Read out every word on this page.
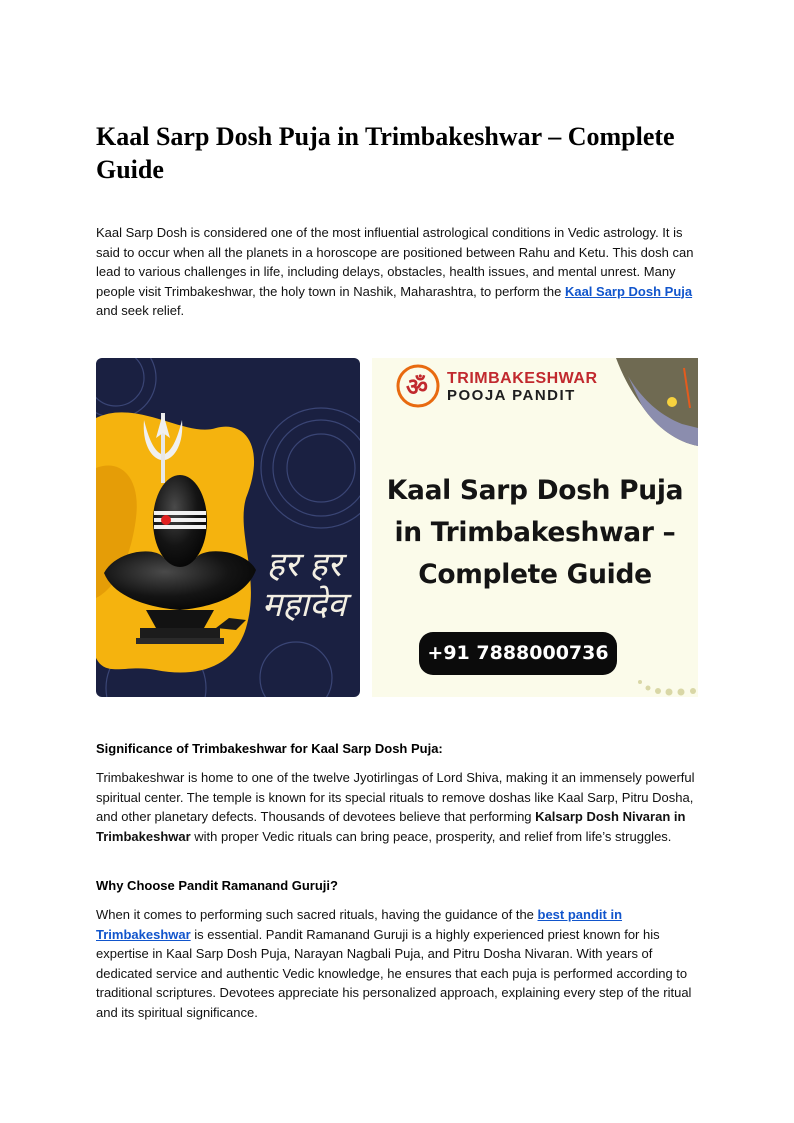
Kaal Sarp Dosh Puja in Trimbakeshwar – Complete Guide

Kaal Sarp Dosh is considered one of the most influential astrological conditions in Vedic astrology. It is said to occur when all the planets in a horoscope are positioned between Rahu and Ketu. This dosh can lead to various challenges in life, including delays, obstacles, health issues, and mental unrest. Many people visit Trimbakeshwar, the holy town in Nashik, Maharashtra, to perform the Kaal Sarp Dosh Puja and seek relief.

हर हर
महादेव
ॐ TRIMBAKESHWAR
POOJA PANDIT
Kaal Sarp Dosh Puja
in Trimbakeshwar –
Complete Guide
+91 7888000736

Significance of Trimbakeshwar for Kaal Sarp Dosh Puja:

Trimbakeshwar is home to one of the twelve Jyotirlingas of Lord Shiva, making it an immensely powerful spiritual center. The temple is known for its special rituals to remove doshas like Kaal Sarp, Pitru Dosha, and other planetary defects. Thousands of devotees believe that performing Kalsarp Dosh Nivaran in Trimbakeshwar with proper Vedic rituals can bring peace, prosperity, and relief from life’s struggles.

Why Choose Pandit Ramanand Guruji?

When it comes to performing such sacred rituals, having the guidance of the best pandit in Trimbakeshwar is essential. Pandit Ramanand Guruji is a highly experienced priest known for his expertise in Kaal Sarp Dosh Puja, Narayan Nagbali Puja, and Pitru Dosha Nivaran. With years of dedicated service and authentic Vedic knowledge, he ensures that each puja is performed according to traditional scriptures. Devotees appreciate his personalized approach, explaining every step of the ritual and its spiritual significance.
